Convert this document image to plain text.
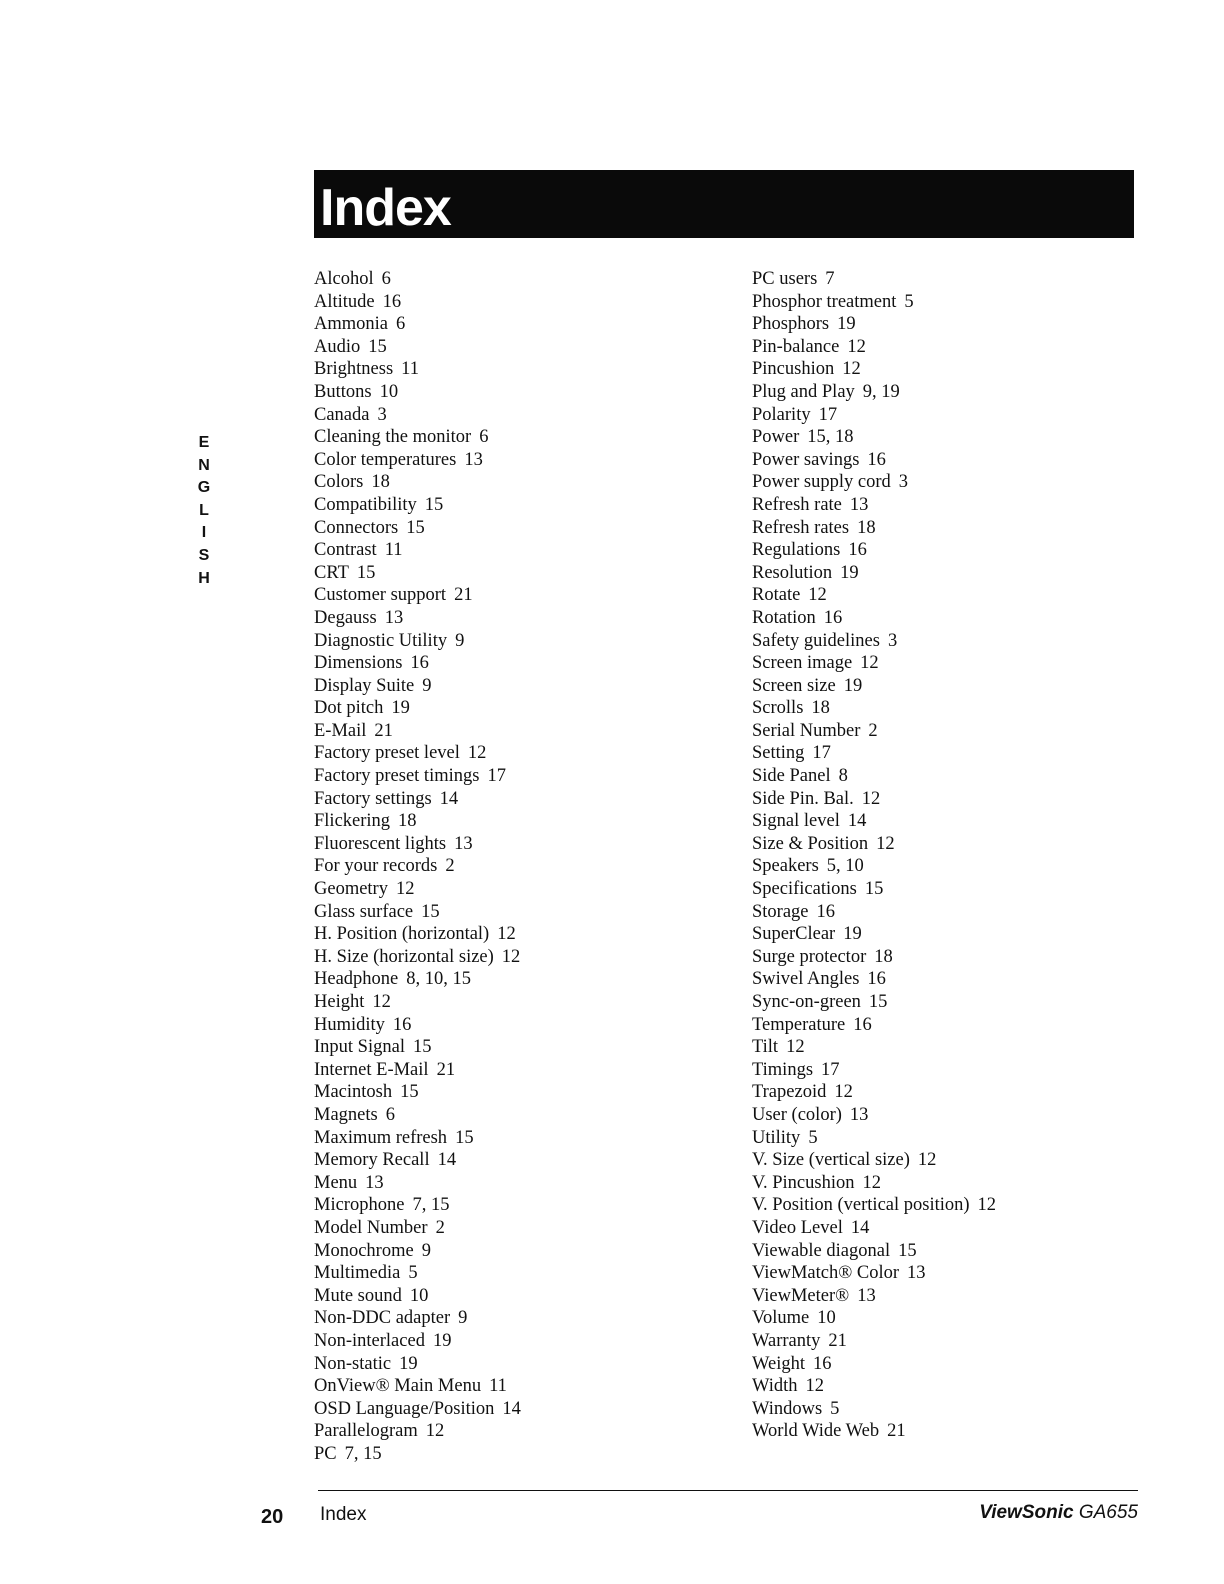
Index
E
N
G
L
I
S
H
Alcohol 6
Altitude 16
Ammonia 6
Audio 15
Brightness 11
Buttons 10
Canada 3
Cleaning the monitor 6
Color temperatures 13
Colors 18
Compatibility 15
Connectors 15
Contrast 11
CRT 15
Customer support 21
Degauss 13
Diagnostic Utility 9
Dimensions 16
Display Suite 9
Dot pitch 19
E-Mail 21
Factory preset level 12
Factory preset timings 17
Factory settings 14
Flickering 18
Fluorescent lights 13
For your records 2
Geometry 12
Glass surface 15
H. Position (horizontal) 12
H. Size (horizontal size) 12
Headphone 8, 10, 15
Height 12
Humidity 16
Input Signal 15
Internet E-Mail 21
Macintosh 15
Magnets 6
Maximum refresh 15
Memory Recall 14
Menu 13
Microphone 7, 15
Model Number 2
Monochrome 9
Multimedia 5
Mute sound 10
Non-DDC adapter 9
Non-interlaced 19
Non-static 19
OnView® Main Menu 11
OSD Language/Position 14
Parallelogram 12
PC 7, 15
PC users 7
Phosphor treatment 5
Phosphors 19
Pin-balance 12
Pincushion 12
Plug and Play 9, 19
Polarity 17
Power 15, 18
Power savings 16
Power supply cord 3
Refresh rate 13
Refresh rates 18
Regulations 16
Resolution 19
Rotate 12
Rotation 16
Safety guidelines 3
Screen image 12
Screen size 19
Scrolls 18
Serial Number 2
Setting 17
Side Panel 8
Side Pin. Bal. 12
Signal level 14
Size & Position 12
Speakers 5, 10
Specifications 15
Storage 16
SuperClear 19
Surge protector 18
Swivel Angles 16
Sync-on-green 15
Temperature 16
Tilt 12
Timings 17
Trapezoid 12
User (color) 13
Utility 5
V. Size (vertical size) 12
V. Pincushion 12
V. Position (vertical position) 12
Video Level 14
Viewable diagonal 15
ViewMatch® Color 13
ViewMeter® 13
Volume 10
Warranty 21
Weight 16
Width 12
Windows 5
World Wide Web 21
20 Index	ViewSonic GA655
